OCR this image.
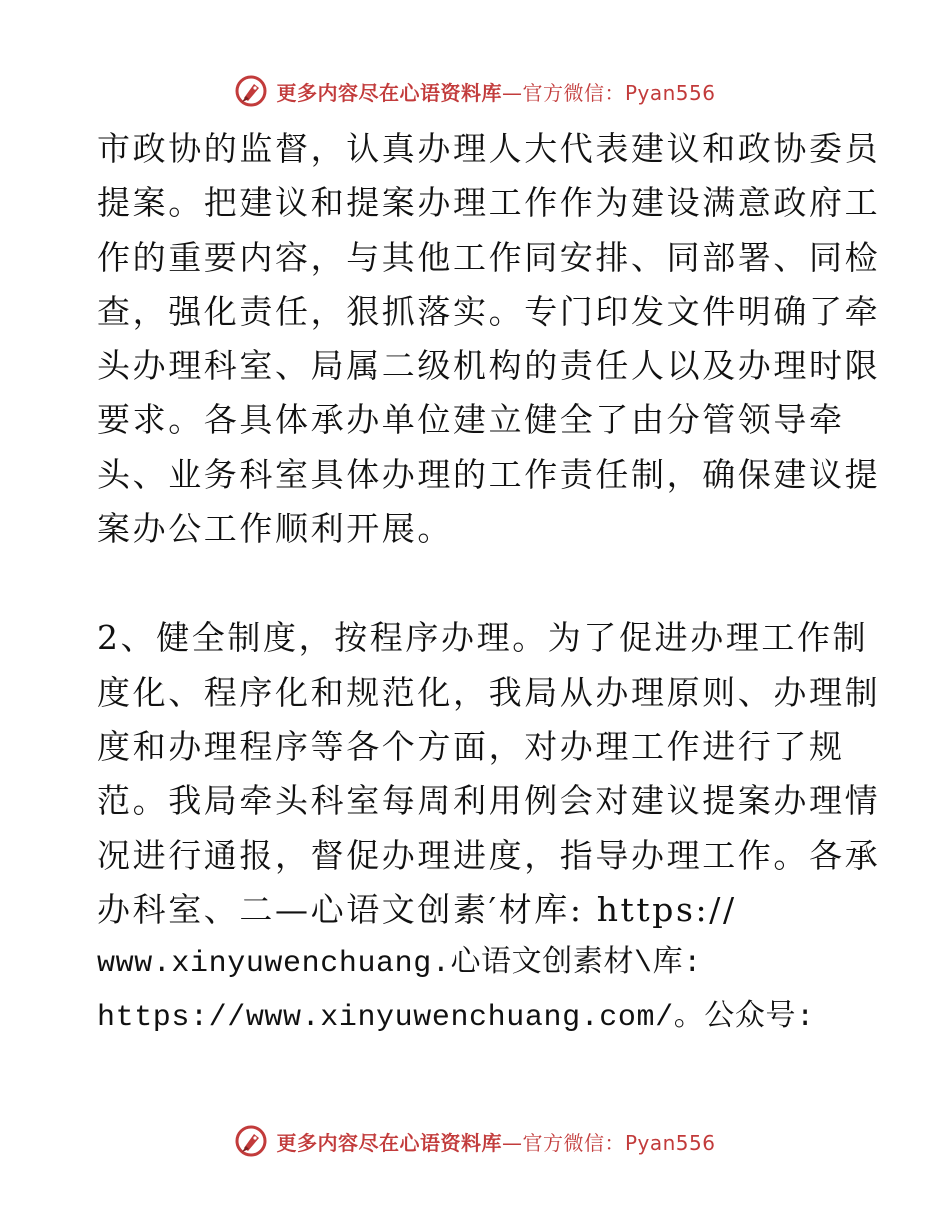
更多内容尽在心语资料库—官方微信：Pyan556
市政协的监督，认真办理人大代表建议和政协委员
提案。把建议和提案办理工作作为建设满意政府工
作的重要内容，与其他工作同安排、同部署、同检
查，强化责任，狠抓落实。专门印发文件明确了牵
头办理科室、局属二级机构的责任人以及办理时限
要求。各具体承办单位建立健全了由分管领导牵
头、业务科室具体办理的工作责任制，确保建议提
案办公工作顺利开展。
2、健全制度，按程序办理。为了促进办理工作制
度化、程序化和规范化，我局从办理原则、办理制
度和办理程序等各个方面，对办理工作进行了规
范。我局牵头科室每周利用例会对建议提案办理情
况进行通报，督促办理进度，指导办理工作。各承
办科室、二—心语文创素′材库: https://
www.xinyuwenchuang.心语文创素材\库:
https://www.xinyuwenchuang.com/。公众号:
更多内容尽在心语资料库—官方微信：Pyan556
